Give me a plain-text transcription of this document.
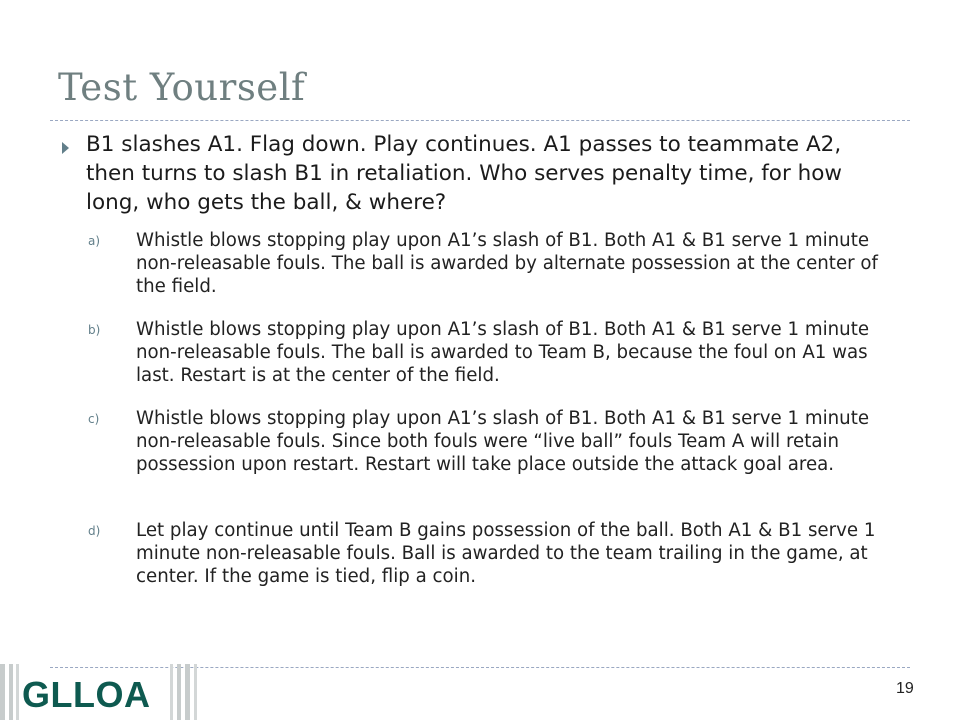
Test Yourself
B1 slashes A1. Flag down. Play continues. A1 passes to teammate A2, then turns to slash B1 in retaliation. Who serves penalty time, for how long, who gets the ball, & where?
a)	Whistle blows stopping play upon A1’s slash of B1. Both A1 & B1 serve 1 minute non-releasable fouls. The ball is awarded by alternate possession at the center of the field.
b)	Whistle blows stopping play upon A1’s slash of B1. Both A1 & B1 serve 1 minute non-releasable fouls. The ball is awarded to Team B, because the foul on A1 was last. Restart is at the center of the field.
c)	Whistle blows stopping play upon A1’s slash of B1. Both A1 & B1 serve 1 minute non-releasable fouls. Since both fouls were “live ball” fouls Team A will retain possession upon restart. Restart will take place outside the attack goal area.
d)	Let play continue until Team B gains possession of the ball. Both A1 & B1 serve 1 minute non-releasable fouls. Ball is awarded to the team trailing in the game, at center. If the game is tied, flip a coin.
GLLOA	19
